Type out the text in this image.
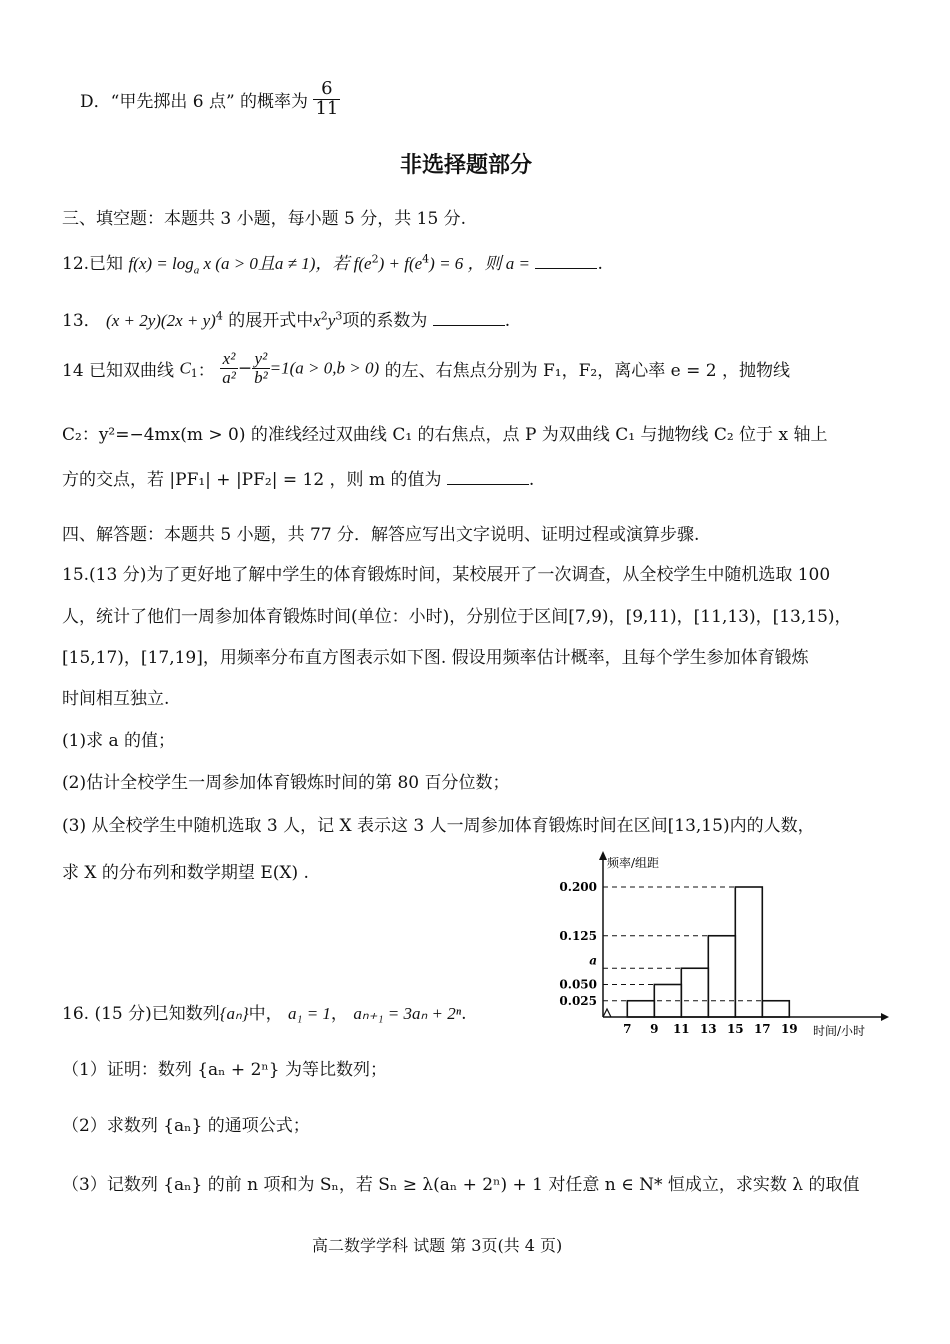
D．“甲先掷出 6 点” 的概率为 $\frac{6}{11}$
非选择题部分
三、填空题：本题共 3 小题，每小题 5 分，共 15 分.
12.已知 $f(x) = \log_a x$ (a > 0且a ≠ 1)，若 $f(e^2) + f(e^4) = 6$ ，则 a =	.
13． $(x + 2y)(2x + y)^4$ 的展开式中$x^2y^3$项的系数为	.
14 已知双曲线 $C_1$： $\frac{\text{x²}}{\text{a²}} - \frac{\text{y²}}{\text{b²}} =1(a > 0,b > 0)$ 的左、右焦点分别为 F₁，F₂，离心率 e = 2 ，抛物线
C₂：y²=−4mx(m > 0) 的准线经过双曲线 C₁ 的右焦点，点 P 为双曲线 C₁ 与抛物线 C₂ 位于 x 轴上
方的交点，若 |PF₁| + |PF₂| = 12 ，则 m 的值为	.
四、解答题：本题共 5 小题，共 77 分．解答应写出文字说明、证明过程或演算步骤.
15.(13 分)为了更好地了解中学生的体育锻炼时间，某校展开了一次调查，从全校学生中随机选取 100
人，统计了他们一周参加体育锻炼时间(单位：小时)，分别位于区间[7,9)，[9,11)，[11,13)，[13,15)，
[15,17)，[17,19]，用频率分布直方图表示如下图. 假设用频率估计概率，且每个学生参加体育锻炼
时间相互独立.
(1)求 a 的值；
(2)估计全校学生一周参加体育锻炼时间的第 80 百分位数；
(3) 从全校学生中随机选取 3 人，记 X 表示这 3 人一周参加体育锻炼时间在区间[13,15)内的人数，
求 X 的分布列和数学期望 E(X) .
0.200
0.125
a
0.050
0.025
7 9 11 13 15 17 19
频率/组距
时间/小时
16. (15 分)已知数列{aₙ}中， a₁ = 1， aₙ₊₁ = 3aₙ + 2ⁿ.
（1）证明：数列 {aₙ + 2ⁿ} 为等比数列；
（2）求数列 {aₙ} 的通项公式；
（3）记数列 {aₙ} 的前 n 项和为 Sₙ，若 Sₙ ≥ λ(aₙ + 2ⁿ) + 1 对任意 n ∈ N* 恒成立，求实数 λ 的取值
高二数学学科 试题 第 3页(共 4 页)
